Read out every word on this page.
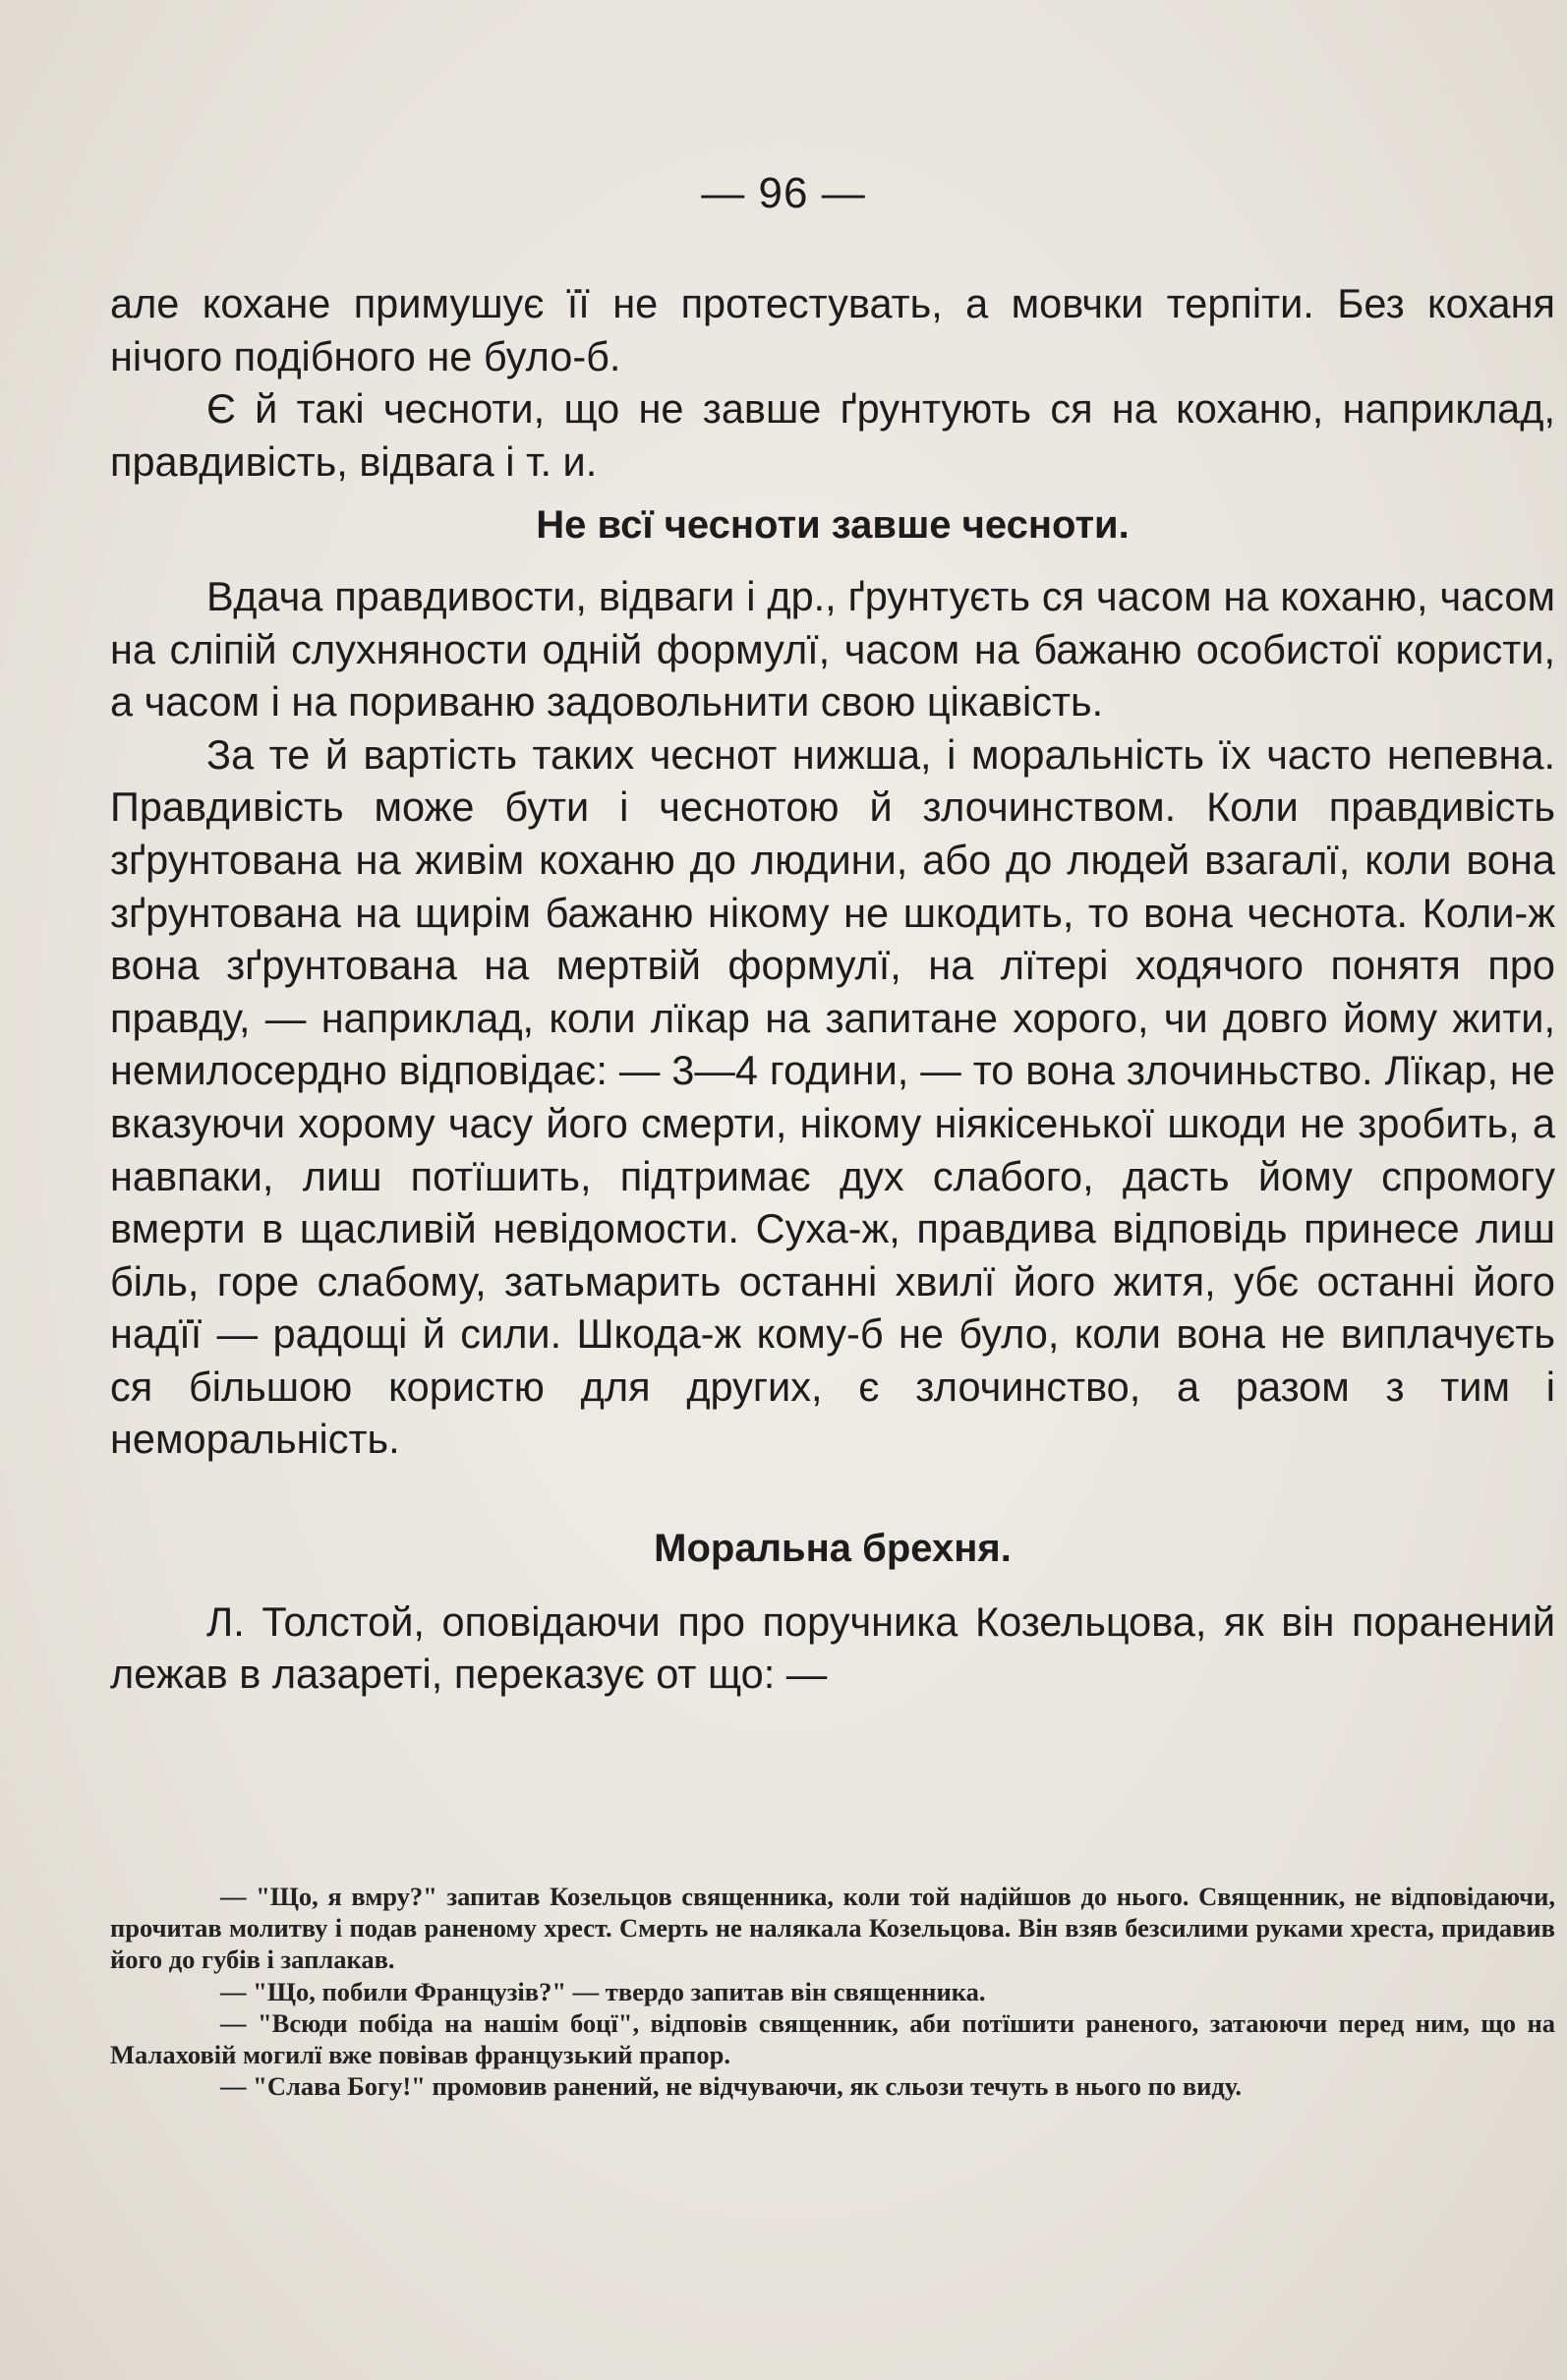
— 96 —

але кохане примушує її не протестувать, а мовчки терпіти. Без коханя нічого подібного не було-б.

Є й такі чесноти, що не завше ґрунтують ся на коханю, наприклад, правдивість, відвага і т. и.

Не всї чесноти завше чесноти.

Вдача правдивости, відваги і др., ґрунтуєть ся часом на коханю, часом на сліпій слухняности одній формулї, часом на бажаню особистої користи, а часом і на пориваню задовольнити свою цікавість.

За те й вартість таких чеснот нижша, і моральність їх часто непевна. Правдивість може бути і чеснотою й злочинством. Коли правдивість зґрунтована на живім коханю до людини, або до людей взагалї, коли вона зґрунтована на щирім бажаню нікому не шкодить, то вона чеснота. Коли-ж вона зґрунтована на мертвій формулї, на лїтері ходячого понятя про правду, — наприклад, коли лїкар на запитане хорого, чи довго йому жити, немилосердно відповідає: — 3—4 години, — то вона злочиньство. Лїкар, не вказуючи хорому часу його смерти, нікому ніякісенької шкоди не зробить, а навпаки, лиш потїшить, підтримає дух слабого, дасть йому спромогу вмерти в щасливій невідомости. Суха-ж, правдива відповідь принесе лиш біль, горе слабому, затьмарить останні хвилї його житя, убє останні його надїї — радощі й сили. Шкода-ж кому-б не було, коли вона не виплачуєть ся більшою користю для других, є злочинство, а разом з тим і неморальність.

Моральна брехня.

Л. Толстой, оповідаючи про поручника Козельцова, як він поранений лежав в лазареті, переказує от що: —

— "Що, я вмру?" запитав Козельцов священника, коли той надійшов до нього. Священник, не відповідаючи, прочитав молитву і подав раненому хрест. Смерть не налякала Козельцова. Він взяв безсилими руками хреста, придавив його до губів і заплакав.

— "Що, побили Французів?" — твердо запитав він священника.

— "Всюди побіда на нашім боцї", відповів священник, аби потїшити раненого, затаюючи перед ним, що на Малаховій могилї вже повівав французький прапор.

— "Слава Богу!" промовив ранений, не відчуваючи, як сльози течуть в нього по виду.
